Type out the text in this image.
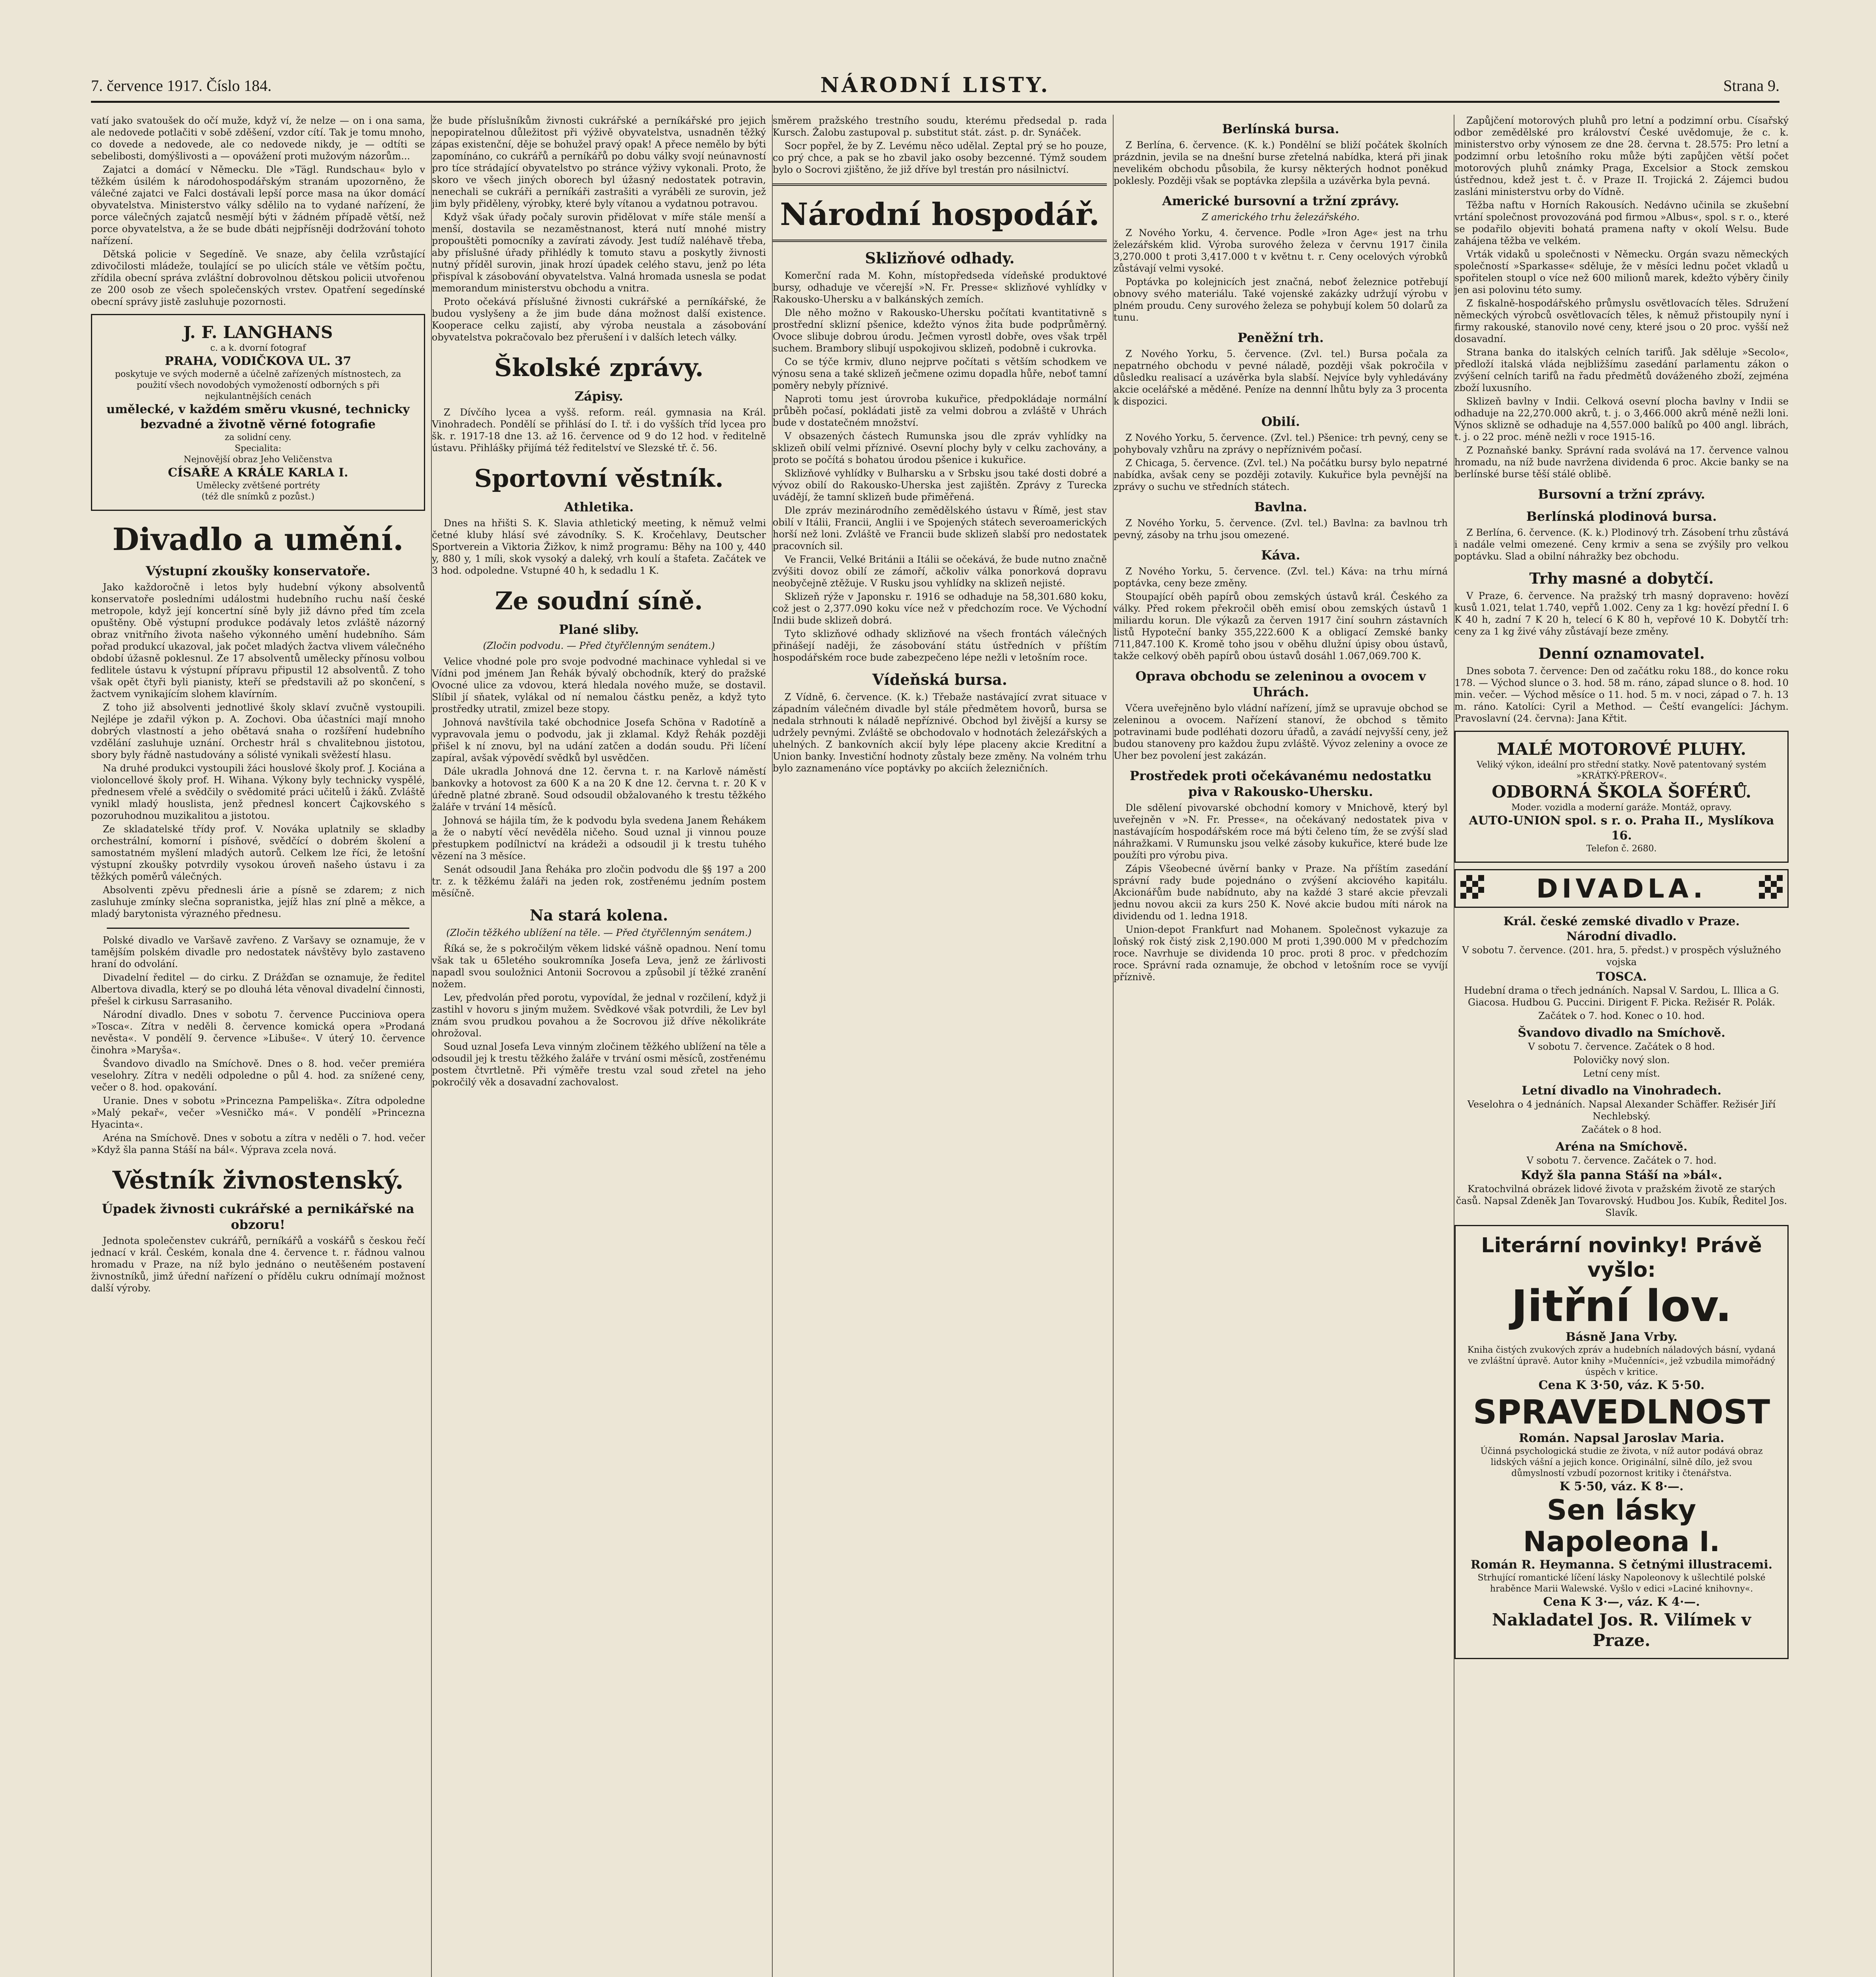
7. července 1917. Číslo 184.	NÁRODNÍ LISTY.	Strana 9.

vatí jako svatoušek do očí muže, když ví, že nelze — on i ona sama, ale nedovede potlačiti v sobě zděšení, vzdor cítí. Tak je tomu mnoho, co dovede a nedovede, ale co nedovede nikdy, je — odtíti se sebelibosti, domýšlivosti a — opovážení proti mužovým názorům...

Zajatci a domácí v Německu. Dle »Tägl. Rundschau« bylo v těžkém úsilém k národohospodářským stranám upozorněno, že válečné zajatci ve Falci dostávali lepší porce masa na úkor domácí obyvatelstva. Ministerstvo války sdělilo na to vydané nařízení, že porce válečných zajatců nesmějí býti v žádném případě větší, než porce obyvatelstva, a že se bude dbáti nejpřísněji dodržování tohoto nařízení.

Dětská policie v Segedíně. Ve snaze, aby čelila vzrůstající zdivočilosti mládeže, toulající se po ulicích stále ve větším počtu, zřídila obecní správa zvláštní dobrovolnou dětskou policii utvořenou ze 200 osob ze všech společenských vrstev. Opatření segedínské obecní správy jistě zasluhuje pozornosti.

J. F. LANGHANS
c. a k. dvorní fotograf
PRAHA, VODIČKOVA UL. 37
poskytuje ve svých moderně a účelně zařízených místnostech, za použití všech novodobých vymožeností odborných s při nejkulantnějších cenách
umělecké, v každém směru vkusné, technicky bezvadné a životně věrné fotografie
za solidní ceny.
Specialita:
Nejnovější obraz Jeho Veličenstva
CÍSAŘE A KRÁLE KARLA I.
Umělecky zvětšené portréty
(též dle snímků z pozůst.)
Divadlo a umění.
Výstupní zkoušky konservatoře.

Jako každoročně i letos byly hudební výkony absolventů konservatoře posledními událostmi hudebního ruchu naší české metropole, když její koncertní síně byly již dávno před tím zcela opuštěny. Obě výstupní produkce podávaly letos zvláště názorný obraz vnitřního života našeho výkonného umění hudebního. Sám pořad produkcí ukazoval, jak počet mladých žactva vlivem válečného období úžasně poklesnul. Ze 17 absolventů umělecky přínosu volbou fedlitele ústavu k výstupní přípravu připustil 12 absolventů. Z toho však opět čtyři byli pianisty, kteří se představili až po skončení, s žactvem vynikajícím slohem klavírním.

Z toho již absolventi jednotlivé školy sklaví zvučně vystoupili. Nejlépe je zdařil výkon p. A. Zochovi. Oba účastníci mají mnoho dobrých vlastností a jeho obětavá snaha o rozšíření hudebního vzdělání zasluhuje uznání. Orchestr hrál s chvalitebnou jistotou, sbory byly řádně nastudovány a sólisté vynikali svěžestí hlasu.

Na druhé produkci vystoupili žáci houslové školy prof. J. Kociána a violoncellové školy prof. H. Wihana. Výkony byly technicky vyspělé, přednesem vřelé a svědčily o svědomité práci učitelů i žáků. Zvláště vynikl mladý houslista, jenž přednesl koncert Čajkovského s pozoruhodnou muzikalitou a jistotou.

Ze skladatelské třídy prof. V. Nováka uplatnily se skladby orchestrální, komorní i písňové, svědčící o dobrém školení a samostatném myšlení mladých autorů. Celkem lze říci, že letošní výstupní zkoušky potvrdily vysokou úroveň našeho ústavu i za těžkých poměrů válečných.

Absolventi zpěvu přednesli árie a písně se zdarem; z nich zasluhuje zmínky slečna sopranistka, jejíž hlas zní plně a měkce, a mladý barytonista výrazného přednesu.

Polské divadlo ve Varšavě zavřeno. Z Varšavy se oznamuje, že v tamějším polském divadle pro nedostatek návštěvy bylo zastaveno hraní do odvolání.

Divadelní ředitel — do cirku. Z Drážďan se oznamuje, že ředitel Albertova divadla, který se po dlouhá léta věnoval divadelní činnosti, přešel k cirkusu Sarrasaniho.

Národní divadlo. Dnes v sobotu 7. července Pucciniova opera »Tosca«. Zítra v neděli 8. července komická opera »Prodaná nevěsta«. V pondělí 9. července »Libuše«. V úterý 10. července činohra »Maryša«.

Švandovo divadlo na Smíchově. Dnes o 8. hod. večer premiéra veselohry. Zítra v neděli odpoledne o půl 4. hod. za snížené ceny, večer o 8. hod. opakování.

Uranie. Dnes v sobotu »Princezna Pampeliška«. Zítra odpoledne »Malý pekař«, večer »Vesničko má«. V pondělí »Princezna Hyacinta«.

Aréna na Smíchově. Dnes v sobotu a zítra v neděli o 7. hod. večer »Když šla panna Stáší na bál«. Výprava zcela nová.

Věstník živnostenský.
Úpadek živnosti cukrářské a pernikářské na obzoru!

Jednota společenstev cukrářů, perníkářů a voskářů s českou řečí jednací v král. Českém, konala dne 4. července t. r. řádnou valnou hromadu v Praze, na níž bylo jednáno o neutěšeném postavení živnostníků, jimž úřední nařízení o přídělu cukru odnímají možnost další výroby.

že bude příslušníkům živnosti cukrářské a perníkářské pro jejich nepopiratelnou důležitost při výživě obyvatelstva, usnadněn těžký zápas existenční, děje se bohužel pravý opak! A přece nemělo by býti zapomínáno, co cukrářů a perníkářů po dobu války svojí neúnavností pro tíce strádající obyvatelstvo po stránce výživy vykonali. Proto, že skoro ve všech jiných oborech byl úžasný nedostatek potravin, nenechali se cukráři a perníkáři zastrašiti a vyráběli ze surovin, jež jim byly přiděleny, výrobky, které byly vítanou a vydatnou potravou.

Když však úřady počaly surovin přidělovat v míře stále menší a menší, dostavila se nezaměstnanost, která nutí mnohé mistry propouštěti pomocníky a zavírati závody. Jest tudíž naléhavě třeba, aby příslušné úřady přihlédly k tomuto stavu a poskytly živnosti nutný příděl surovin, jinak hrozí úpadek celého stavu, jenž po léta přispíval k zásobování obyvatelstva. Valná hromada usnesla se podat memorandum ministerstvu obchodu a vnitra.

Proto očekává příslušné živnosti cukrářské a perníkářské, že budou vyslyšeny a že jim bude dána možnost další existence. Kooperace celku zajistí, aby výroba neustala a zásobování obyvatelstva pokračovalo bez přerušení i v dalších letech války.

Školské zprávy.
Zápisy.

Z Dívčího lycea a vyšš. reform. reál. gymnasia na Král. Vinohradech. Pondělí se přihlásí do I. tř. i do vyšších tříd lycea pro šk. r. 1917-18 dne 13. až 16. července od 9 do 12 hod. v ředitelně ústavu. Přihlášky přijímá též ředitelství ve Slezské tř. č. 56.

Sportovní věstník.
Athletika.

Dnes na hřišti S. K. Slavia athletický meeting, k němuž velmi četné kluby hlásí své závodníky. S. K. Kročehlavy, Deutscher Sportverein a Viktoria Žižkov, k nimž programu: Běhy na 100 y, 440 y, 880 y, 1 míli, skok vysoký a daleký, vrh koulí a štafeta. Začátek ve 3 hod. odpoledne. Vstupné 40 h, k sedadlu 1 K.

Ze soudní síně.
Plané sliby.
(Zločin podvodu. — Před čtyřčlenným senátem.)

Velice vhodné pole pro svoje podvodné machinace vyhledal si ve Vídni pod jménem Jan Řehák bývalý obchodník, který do pražské Ovocné ulice za vdovou, která hledala nového muže, se dostavil. Slíbil jí sňatek, vylákal od ní nemalou částku peněz, a když tyto prostředky utratil, zmizel beze stopy.

Johnová navštívila také obchodnice Josefa Schöna v Radotíně a vypravovala jemu o podvodu, jak ji zklamal. Když Řehák později přišel k ní znovu, byl na udání zatčen a dodán soudu. Při líčení zapíral, avšak výpovědí svědků byl usvědčen.

Dále ukradla Johnová dne 12. června t. r. na Karlově náměstí bankovky a hotovost za 600 K a na 20 K dne 12. června t. r. 20 K v úředně platné zbraně. Soud odsoudil obžalovaného k trestu těžkého žaláře v trvání 14 měsíců.

Johnová se hájila tím, že k podvodu byla svedena Janem Řehákem a že o nabytí věcí nevěděla ničeho. Soud uznal ji vinnou pouze přestupkem podílnictví na krádeži a odsoudil ji k trestu tuhého vězení na 3 měsíce.

Senát odsoudil Jana Řeháka pro zločin podvodu dle §§ 197 a 200 tr. z. k těžkému žaláři na jeden rok, zostřenému jedním postem měsíčně.

Na stará kolena.
(Zločin těžkého ublížení na těle. — Před čtyřčlenným senátem.)

Říká se, že s pokročilým věkem lidské vášně opadnou. Není tomu však tak u 65letého soukromníka Josefa Leva, jenž ze žárlivosti napadl svou souložnici Antonii Socrovou a způsobil jí těžké zranění nožem.

Lev, předvolán před porotu, vypovídal, že jednal v rozčilení, když ji zastihl v hovoru s jiným mužem. Svědkové však potvrdili, že Lev byl znám svou prudkou povahou a že Socrovou již dříve několikráte ohrožoval.

Soud uznal Josefa Leva vinným zločinem těžkého ublížení na těle a odsoudil jej k trestu těžkého žaláře v trvání osmi měsíců, zostřenému postem čtvrtletně. Při výměře trestu vzal soud zřetel na jeho pokročilý věk a dosavadní zachovalost.

směrem pražského trestního soudu, kterému předsedal p. rada Kursch. Žalobu zastupoval p. substitut stát. zást. p. dr. Synáček.

Socr popřel, že by Z. Levému něco udělal. Zeptal prý se ho pouze, co prý chce, a pak se ho zbavil jako osoby bezcenné. Týmž soudem bylo o Socrovi zjištěno, že již dříve byl trestán pro násilnictví.

Národní hospodář.
Sklizňové odhady.

Komerční rada M. Kohn, místopředseda vídeňské produktové bursy, odhaduje ve včerejší »N. Fr. Presse« sklizňové vyhlídky v Rakousko-Uhersku a v balkánských zemích.

Dle něho možno v Rakousko-Uhersku počítati kvantitativně s prostřední sklizní pšenice, kdežto výnos žita bude podprůměrný. Ovoce slibuje dobrou úrodu. Ječmen vyrostl dobře, oves však trpěl suchem. Brambory slibují uspokojivou sklizeň, podobně i cukrovka.

Co se týče krmiv, dluno nejprve počítati s větším schodkem ve výnosu sena a také sklizeň ječmene ozimu dopadla hůře, neboť tamní poměry nebyly příznivé.

Naproti tomu jest úrovroba kukuřice, předpokládaje normální průběh počasí, pokládati jistě za velmi dobrou a zvláště v Uhrách bude v dostatečném množství.

V obsazených částech Rumunska jsou dle zpráv vyhlídky na sklizeň obilí velmi příznivé. Osevní plochy byly v celku zachovány, a proto se počítá s bohatou úrodou pšenice i kukuřice.

Sklizňové vyhlídky v Bulharsku a v Srbsku jsou také dosti dobré a vývoz obilí do Rakousko-Uherska jest zajištěn. Zprávy z Turecka uvádějí, že tamní sklizeň bude přiměřená.

Dle zpráv mezinárodního zemědělského ústavu v Římě, jest stav obilí v Itálii, Francii, Anglii i ve Spojených státech severoamerických horší než loni. Zvláště ve Francii bude sklizeň slabší pro nedostatek pracovních sil.

Ve Francii, Velké Británii a Itálii se očekává, že bude nutno značně zvýšiti dovoz obilí ze zámoří, ačkoliv válka ponorková dopravu neobyčejně ztěžuje. V Rusku jsou vyhlídky na sklizeň nejisté.

Sklizeň rýže v Japonsku r. 1916 se odhaduje na 58,301.680 koku, což jest o 2,377.090 koku více než v předchozím roce. Ve Východní Indii bude sklizeň dobrá.

Tyto sklizňové odhady sklizňové na všech frontách válečných přinášejí naději, že zásobování státu ústředních v příštím hospodářském roce bude zabezpečeno lépe nežli v letošním roce.

Vídeňská bursa.

Z Vídně, 6. července. (K. k.) Třebaže nastávající zvrat situace v západním válečném divadle byl stále předmětem hovorů, bursa se nedala strhnouti k náladě nepříznivé. Obchod byl živější a kursy se udržely pevnými. Zvláště se obchodovalo v hodnotách železářských a uhelných. Z bankovních akcií byly lépe placeny akcie Kreditní a Union banky. Investiční hodnoty zůstaly beze změny. Na volném trhu bylo zaznamenáno více poptávky po akciích železničních.

Berlínská bursa.

Z Berlína, 6. července. (K. k.) Pondělní se bliží počátek školních prázdnin, jevila se na dnešní burse zřetelná nabídka, která při jinak nevelikém obchodu působila, že kursy některých hodnot poněkud poklesly. Později však se poptávka zlepšila a uzávěrka byla pevná.

Americké bursovní a tržní zprávy.
Z amerického trhu železářského.

Z Nového Yorku, 4. července. Podle »Iron Age« jest na trhu železářském klid. Výroba surového železa v červnu 1917 činila 3,270.000 t proti 3,417.000 t v květnu t. r. Ceny ocelových výrobků zůstávají velmi vysoké.

Poptávka po kolejnicích jest značná, neboť železnice potřebují obnovy svého materiálu. Také vojenské zakázky udržují výrobu v plném proudu. Ceny surového železa se pohybují kolem 50 dolarů za tunu.

Peněžní trh.

Z Nového Yorku, 5. července. (Zvl. tel.) Bursa počala za nepatrného obchodu v pevné náladě, později však pokročila v důsledku realisací a uzávěrka byla slabší. Nejvíce byly vyhledávány akcie ocelářské a měděné. Peníze na dennní lhůtu byly za 3 procenta k dispozici.

Obilí.

Z Nového Yorku, 5. července. (Zvl. tel.) Pšenice: trh pevný, ceny se pohybovaly vzhůru na zprávy o nepříznivém počasí.

Z Chicaga, 5. července. (Zvl. tel.) Na počátku bursy bylo nepatrné nabídka, avšak ceny se později zotavily. Kukuřice byla pevnější na zprávy o suchu ve středních státech.

Bavlna.

Z Nového Yorku, 5. července. (Zvl. tel.) Bavlna: za bavlnou trh pevný, zásoby na trhu jsou omezené.

Káva.

Z Nového Yorku, 5. července. (Zvl. tel.) Káva: na trhu mírná poptávka, ceny beze změny.

Stoupající oběh papírů obou zemských ústavů král. Českého za války. Před rokem překročil oběh emisí obou zemských ústavů 1 miliardu korun. Dle výkazů za červen 1917 činí souhrn zástavních listů Hypoteční banky 355,222.600 K a obligací Zemské banky 711,847.100 K. Kromě toho jsou v oběhu dlužní úpisy obou ústavů, takže celkový oběh papírů obou ústavů dosáhl 1.067,069.700 K.

Oprava obchodu se zeleninou a ovocem v Uhrách.

Včera uveřejněno bylo vládní nařízení, jímž se upravuje obchod se zeleninou a ovocem. Nařízení stanoví, že obchod s těmito potravinami bude podléhati dozoru úřadů, a zavádí nejvyšší ceny, jež budou stanoveny pro každou župu zvláště. Vývoz zeleniny a ovoce ze Uher bez povolení jest zakázán.

Prostředek proti očekávanému nedostatku piva v Rakousko-Uhersku.

Dle sdělení pivovarské obchodní komory v Mnichově, který byl uveřejněn v »N. Fr. Presse«, na očekávaný nedostatek piva v nastávajícím hospodářském roce má býti čeleno tím, že se zvýší slad náhražkami. V Rumunsku jsou velké zásoby kukuřice, které bude lze použíti pro výrobu piva.

Zápis Všeobecné úvěrní banky v Praze. Na příštím zasedání správní rady bude pojednáno o zvýšení akciového kapitálu. Akcionářům bude nabídnuto, aby na každé 3 staré akcie převzali jednu novou akcii za kurs 250 K. Nové akcie budou míti nárok na dividendu od 1. ledna 1918.

Union-depot Frankfurt nad Mohanem. Společnost vykazuje za loňský rok čistý zisk 2,190.000 M proti 1,390.000 M v předchozím roce. Navrhuje se dividenda 10 proc. proti 8 proc. v předchozím roce. Správní rada oznamuje, že obchod v letošním roce se vyvíjí příznivě.

Zapůjčení motorových pluhů pro letní a podzimní orbu. Císařský odbor zemědělské pro království České uvědomuje, že c. k. ministerstvo orby výnosem ze dne 28. června t. 28.575: Pro letní a podzimní orbu letošního roku může býti zapůjčen větší počet motorových pluhů známky Praga, Excelsior a Stock zemskou ústřednou, kdež jest t. č. v Praze II. Trojická 2. Zájemci budou zasláni ministerstvu orby do Vídně.

Těžba naftu v Horních Rakousích. Nedávno učinila se zkušební vrtání společnost provozováná pod firmou »Albus«, spol. s r. o., které se podařilo objeviti bohatá pramena nafty v okolí Welsu. Bude zahájena těžba ve velkém.

Vrták vidaků u společnosti v Německu. Orgán svazu německých společností »Sparkasse« sděluje, že v měsíci lednu počet vkladů u spořitelen stoupl o více než 600 milionů marek, kdežto výběry činily jen asi polovinu této sumy.

Z fiskalně-hospodářského průmyslu osvětlovacích těles. Sdružení německých výrobců osvětlovacích těles, k němuž přistoupily nyní i firmy rakouské, stanovilo nové ceny, které jsou o 20 proc. vyšší než dosavadní.

Strana banka do italských celních tarifů. Jak sděluje »Secolo«, předloží italská vláda nejbližšímu zasedání parlamentu zákon o zvýšení celních tarifů na řadu předmětů dováženého zboží, zejména zboží luxusního.

Sklizeň bavlny v Indii. Celková osevní plocha bavlny v Indii se odhaduje na 22,270.000 akrů, t. j. o 3,466.000 akrů méně nežli loni. Výnos sklizně se odhaduje na 4,557.000 balíků po 400 angl. librách, t. j. o 22 proc. méně nežli v roce 1915-16.

Z Poznaňské banky. Správní rada svolává na 17. července valnou hromadu, na níž bude navržena dividenda 6 proc. Akcie banky se na berlínské burse těší stálé oblibě.

Bursovní a tržní zprávy.
Berlínská plodinová bursa.

Z Berlína, 6. července. (K. k.) Plodinový trh. Zásobení trhu zůstává i nadále velmi omezené. Ceny krmiv a sena se zvýšily pro velkou poptávku. Slad a obilní náhražky bez obchodu.

Trhy masné a dobytčí.

V Praze, 6. července. Na pražský trh masný dopraveno: hovězí kusů 1.021, telat 1.740, vepřů 1.002. Ceny za 1 kg: hovězí přední I. 6 K 40 h, zadní 7 K 20 h, telecí 6 K 80 h, vepřové 10 K. Dobytčí trh: ceny za 1 kg živé váhy zůstávají beze změny.

Denní oznamovatel.

Dnes sobota 7. července: Den od začátku roku 188., do konce roku 178. — Východ slunce o 3. hod. 58 m. ráno, západ slunce o 8. hod. 10 min. večer. — Východ měsíce o 11. hod. 5 m. v noci, západ o 7. h. 13 m. ráno. Katolíci: Cyril a Method. — Čeští evangelíci: Jáchym. Pravoslavní (24. června): Jana Křtit.

MALÉ MOTOROVÉ PLUHY.
Veliký výkon, ideální pro střední statky. Nově patentovaný systém »KRÁTKÝ-PŘEROV«.
ODBORNÁ ŠKOLA ŠOFÉRŮ.
Moder. vozidla a moderní garáže. Montáž, opravy.
AUTO-UNION spol. s r. o. Praha II., Myslíkova 16.
Telefon č. 2680.
DIVADLA.
Král. české zemské divadlo v Praze.
Národní divadlo.

V sobotu 7. července. (201. hra, 5. předst.) v prospěch výslužného vojska

TOSCA.

Hudební drama o třech jednáních. Napsal V. Sardou, L. Illica a G. Giacosa. Hudbou G. Puccini. Dirigent F. Picka. Režisér R. Polák.

Začátek o 7. hod. Konec o 10. hod.

Švandovo divadlo na Smíchově.

V sobotu 7. července. Začátek o 8 hod.

Polovičky nový slon.

Letní ceny míst.

Letní divadlo na Vinohradech.

Veselohra o 4 jednáních. Napsal Alexander Schäffer. Režisér Jiří Nechlebský.

Začátek o 8 hod.

Aréna na Smíchově.

V sobotu 7. července. Začátek o 7. hod.

Když šla panna Stáší na »bál«.

Kratochvilná obrázek lidové života v pražském životě ze starých časů. Napsal Zdeněk Jan Tovarovský. Hudbou Jos. Kubík, Ředitel Jos. Slavík.

Literární novinky! Právě vyšlo:
Jitřní lov.
Básně Jana Vrby.
Kniha čistých zvukových zpráv a hudebních náladových básní, vydaná ve zvláštní úpravě. Autor knihy »Mučenníci«, jež vzbudila mimořádný úspěch v kritice.
Cena K 3·50, váz. K 5·50.
SPRAVEDLNOST
Román. Napsal Jaroslav Maria.
Účinná psychologická studie ze života, v níž autor podává obraz lidských vášní a jejich konce. Originální, silně dílo, jež svou důmyslností vzbudí pozornost kritiky i čtenářstva.
K 5·50, váz. K 8·—.
Sen lásky Napoleona I.
Román R. Heymanna. S četnými illustracemi.
Strhující romantické líčení lásky Napoleonovy k ušlechtilé polské hraběnce Marii Walewské. Vyšlo v edici »Laciné knihovny«.
Cena K 3·—, váz. K 4·—.
Nakladatel Jos. R. Vilímek v Praze.
